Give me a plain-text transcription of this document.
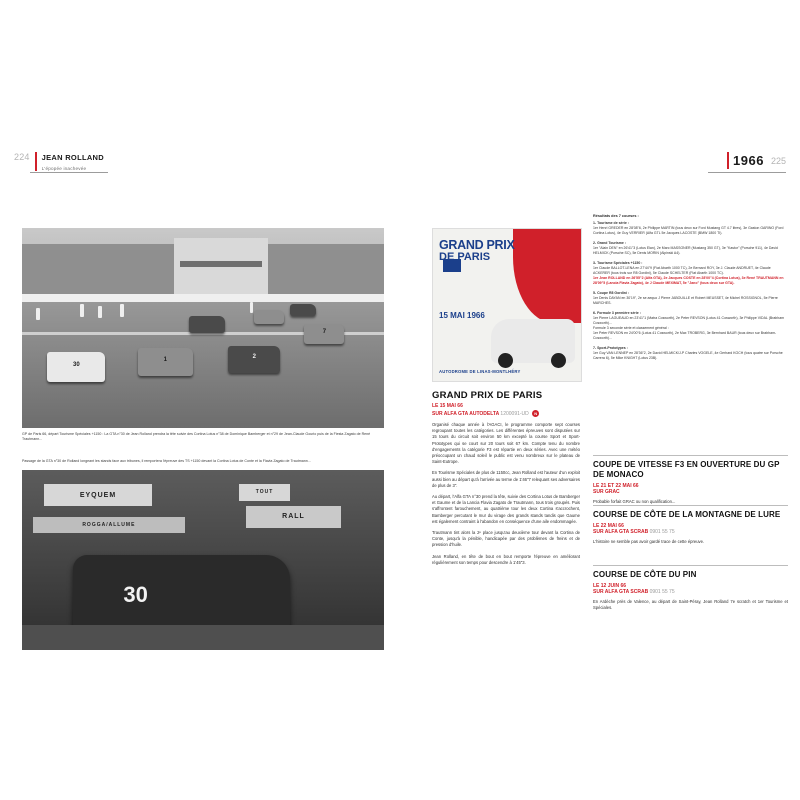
224	JEAN ROLLAND
L'épopée inachevée	1966 225
30
1	2
7
GP de Paris 66, départ Tourisme Spéciales +1150 : La GTA n°30 de Jean Rolland prendra la tête suivie des Cortina Lotus n°38 de Dominique Bamberger et n°29 de Jean-Claude Gourio puis de la Fiesta Zagato de René Trautmann...
Passage de la GTA n°30 de Rolland longeant les stands face aux tribunes, il remportera l'épreuve des TS +1150 devant la Cortina Lotus de Conte et la Flavia Zagato de Trautmann...
EYQUEM
ROGGA/ALLUME
TOUT
RALL
30
GRAND PRIX
DE PARIS
15 MAI 1966
AUTODROME DE LINAS-MONTLHÉRY
GRAND PRIX DE PARIS
LE 15 MAI 66
SUR ALFA GTA AUTODELTA 1200091-UD N

Organisé chaque année à l'AGACI, le programme comporte sept courses regroupant toutes les catégories. Les différentes épreuves sont disputées sur 15 tours du circuit soit environ 50 km excepté la course Sport et Sport-Prototypes qui se court sur 20 tours soit 67 km. Compte tenu du nombre d'engagements la catégorie F3 est répartie en deux séries. Avec une météo préoccupant un chaud soleil le public est venu nombreux sur le plateau de Saint-Eutrope.

En Tourisme Spéciales de plus de 1150cc, Jean Rolland est l'auteur d'un exploit aussi bien au départ qu'à l'arrivée au terme de 1'46"7 relequant ses adversaires de plus de 3".

Au départ, l'Alfa GTA n°30 prend la tête, suivie des Cortina Lotus de Bamberger et Gaume et de la Lancia Flavia Zagato de Trautmann, tous trois groupés. Puis s'affrontent farouchement, au quatrième tour les deux Cortina s'accrochent, Bamberger percutant le mur du virage des grands stands tandis que Gaume est également contraint à l'abandon en conséquence d'une aile endommagée.

Trautmann tint alors la 2ᵉ place jusqu'au deuxième tour devant la Cortina de Conte, jusqu'à la pénible, handicapée par des problèmes de freins et de pression d'huile.

Jean Rolland, en tête de bout en bout remporte l'épreuve en améliorant régulièrement son temps pour descendre à 1'45"3.

Résultats des 7 courses :
1- Tourisme de série :
1er Henri GREDER en 28'08"6, 2e Philippe MARTIN (tous deux sur Ford Mustang GT 4.7 litres), 3e Gaston GARINO (Ford Cortina Lotus), 4e Guy VERRIER (Alfa GTL 5e Jacques LACOSTE (BMW 1800 TI).
2- Grand Tourisme :
1er "Alain DEN" en 26'41"3 (Lotus Elan), 2e Marc MASSONER (Mustang 350 GT), 3e "Kastor" (Porsche 911), 4e David HELMICK (Porsche SC), 5e Denis MORIN (Alpinski A4).
3- Tourisme Spéciales +1150 :
1er Claude BALLOT-LENA en 27'44"9 (Fiat Abarth 1000 TC), 2e Bernard ROY, 3e J. Claude ANDRUET, 4e Claude ACKERER (tous trois sur R8 Gordini), 5e Claude SCHELTER (Fiat Abarth 1000 TC).
1er Jean ROLLAND en 26'55"2 (Alfa GTA), 2e Jacques COSTE en 28'00"4 (Cortina Lotus), 3e René TRAUTMANN en 28'09"5 (Lancia Flavia Zagato), 4e J Claude MEXIMAT, 5e "Jano" (tous deux sur GTA).
5- Coupe R8 Gordini :
1er Denis DAYAN en 30'19", 2e se aequo J Pierre JABOUILLE et Robert MEUSSET, 4e Michel ROSSIGNOL, 5e Pierre MARCHES.
6- Formule 3 première série :
1er Pierre LAGUEAUD en 23'41"1 (Matra Cosworth), 2e Peter REVSON (Lotus 41 Cosworth), 3e Philippe VIDAL (Brabham Cosworth)...
Formule 3 seconde série et classement général :
1er Peter REVSON en 24'00"6 (Lotus 41 Cosworth), 2e Max TROBERG, 3e Bernhard BAUR (tous deux sur Brabham-Cosworth)...
7- Sport-Prototypes :
1er Guy VAN LENNEP en 28'36"2, 2e David HELMICK/J-P Charles VOGELE, 4e Gerhard KOCH (tous quatre sur Porsche Carrera 6), 5e Mike KNIGHT (Lotus 23B).
COUPE DE VITESSE F3 EN OUVERTURE DU GP DE MONACO
LE 21 ET 22 MAI 66
SUR GRAC
Probable forfait GRAC ou non qualification...
COURSE DE CÔTE DE LA MONTAGNE DE LURE
LE 22 MAI 66
SUR ALFA GTA SCRAB 0901 55 75
L'histoire ne semble pas avoir gardé trace de cette épreuve.
COURSE DE CÔTE DU PIN
LE 12 JUIN 66
SUR ALFA GTA SCRAB 0901 55 75
En Ardèche près de Valence, au départ de Saint-Péray, Jean Rolland 7e scratch et 1er Tourisme et Spéciales.
